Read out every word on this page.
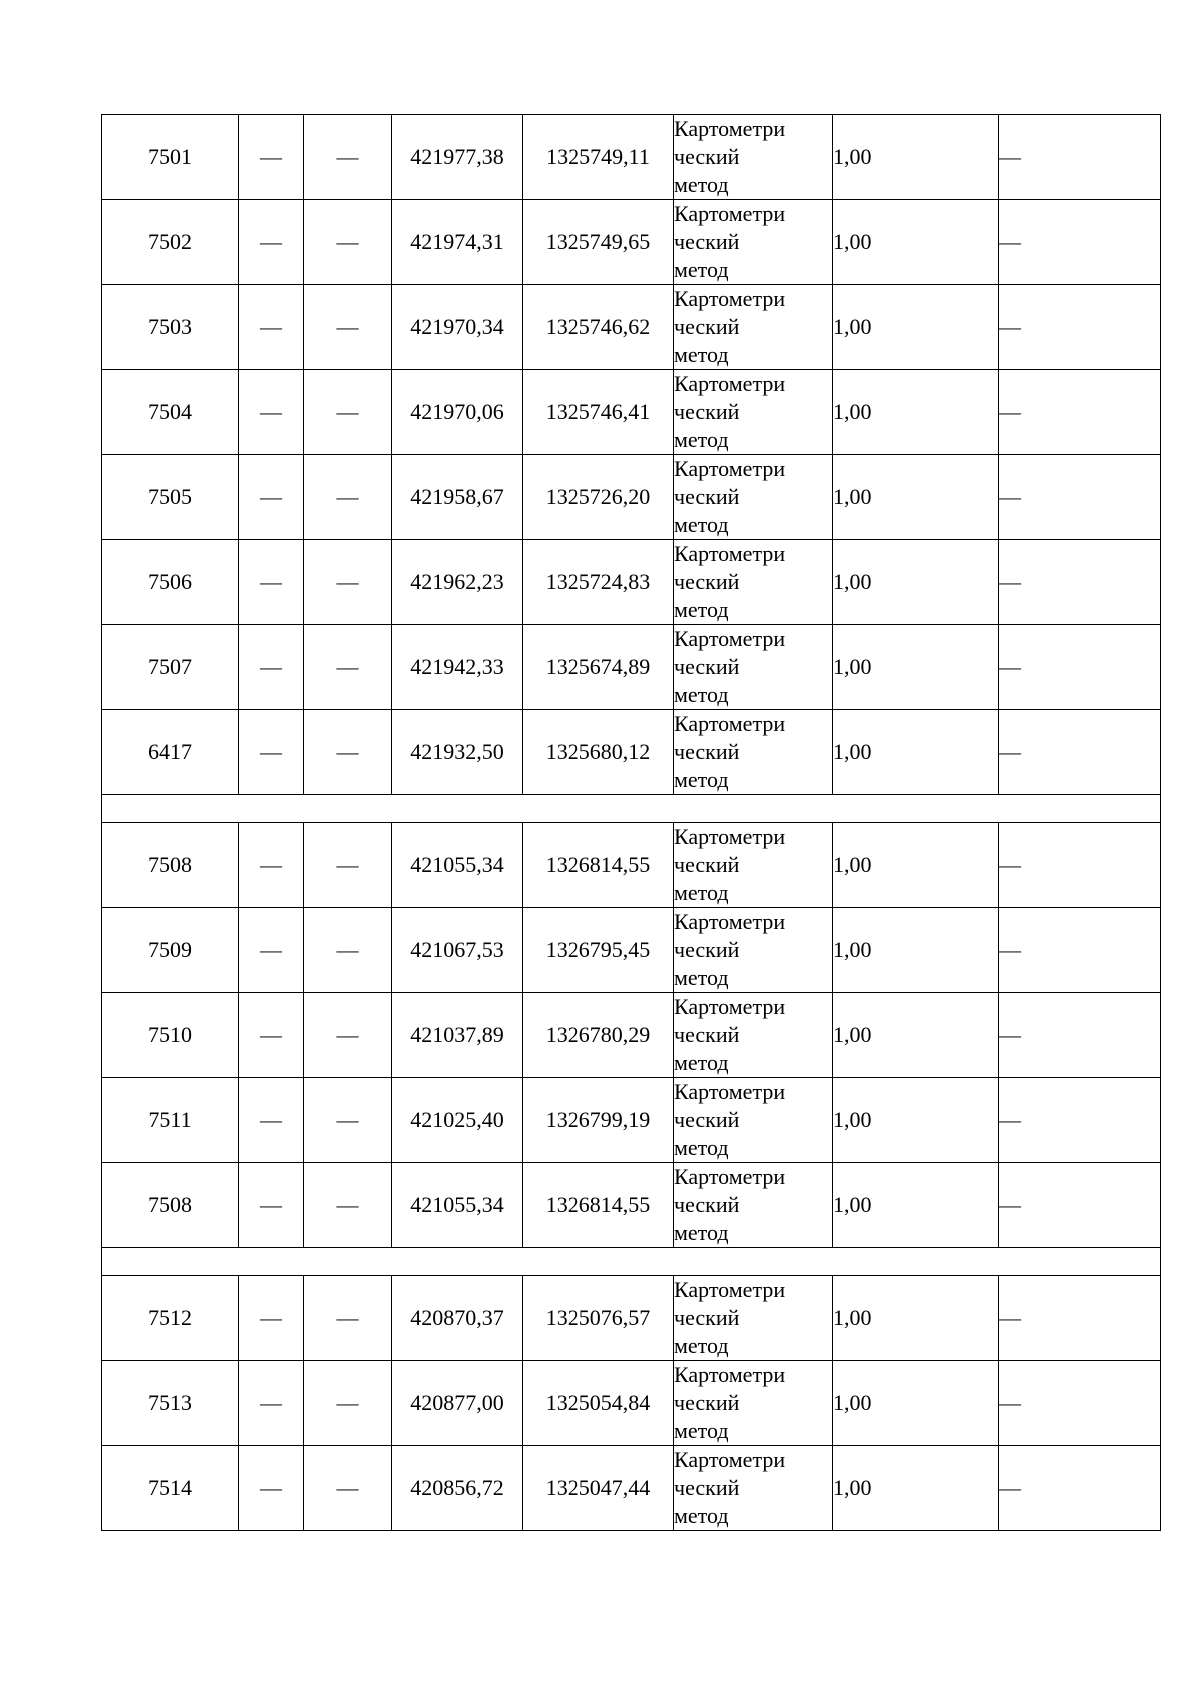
7501	—	—	421977,38	1325749,11	Картометри
ческий
метод	1,00	—
7502	—	—	421974,31	1325749,65	Картометри
ческий
метод	1,00	—
7503	—	—	421970,34	1325746,62	Картометри
ческий
метод	1,00	—
7504	—	—	421970,06	1325746,41	Картометри
ческий
метод	1,00	—
7505	—	—	421958,67	1325726,20	Картометри
ческий
метод	1,00	—
7506	—	—	421962,23	1325724,83	Картометри
ческий
метод	1,00	—
7507	—	—	421942,33	1325674,89	Картометри
ческий
метод	1,00	—
6417	—	—	421932,50	1325680,12	Картометри
ческий
метод	1,00	—

7508	—	—	421055,34	1326814,55	Картометри
ческий
метод	1,00	—
7509	—	—	421067,53	1326795,45	Картометри
ческий
метод	1,00	—
7510	—	—	421037,89	1326780,29	Картометри
ческий
метод	1,00	—
7511	—	—	421025,40	1326799,19	Картометри
ческий
метод	1,00	—
7508	—	—	421055,34	1326814,55	Картометри
ческий
метод	1,00	—

7512	—	—	420870,37	1325076,57	Картометри
ческий
метод	1,00	—
7513	—	—	420877,00	1325054,84	Картометри
ческий
метод	1,00	—
7514	—	—	420856,72	1325047,44	Картометри
ческий
метод	1,00	—
